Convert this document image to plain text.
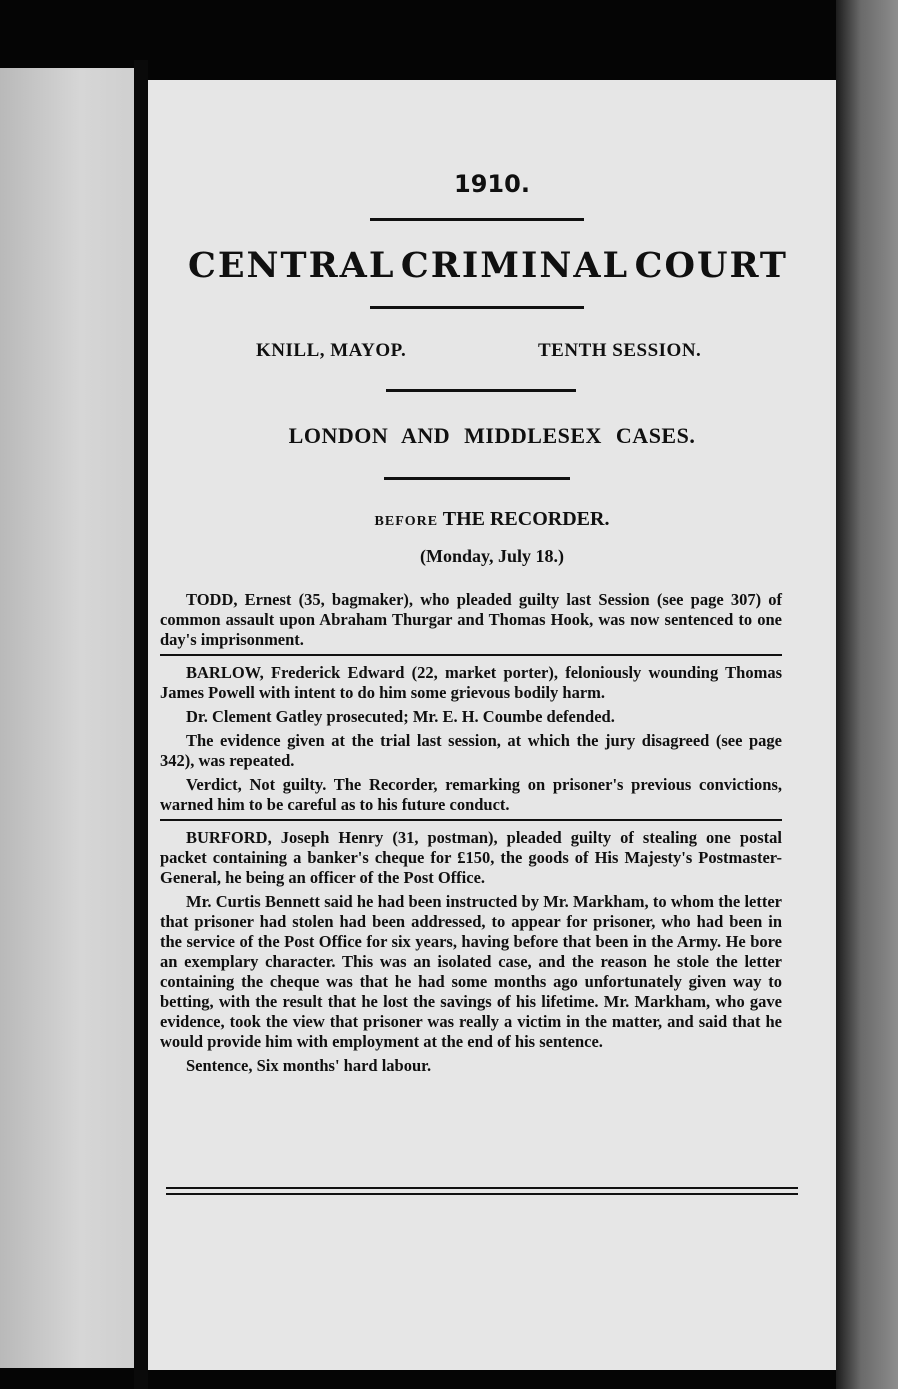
1910.
CENTRAL CRIMINAL COURT
KNILL, MAYOP.	TENTH SESSION.
LONDON AND MIDDLESEX CASES.
BEFORE THE RECORDER.
(Monday, July 18.)

TODD, Ernest (35, bagmaker), who pleaded guilty last Session (see page 307) of common assault upon Abraham Thurgar and Thomas Hook, was now sentenced to one day's imprisonment.

BARLOW, Frederick Edward (22, market porter), feloniously wounding Thomas James Powell with intent to do him some grievous bodily harm.

Dr. Clement Gatley prosecuted; Mr. E. H. Coumbe defended.

The evidence given at the trial last session, at which the jury disagreed (see page 342), was repeated.

Verdict, Not guilty. The Recorder, remarking on prisoner's previous convictions, warned him to be careful as to his future conduct.

BURFORD, Joseph Henry (31, postman), pleaded guilty of stealing one postal packet containing a banker's cheque for £150, the goods of His Majesty's Postmaster-General, he being an officer of the Post Office.

Mr. Curtis Bennett said he had been instructed by Mr. Markham, to whom the letter that prisoner had stolen had been addressed, to appear for prisoner, who had been in the service of the Post Office for six years, having before that been in the Army. He bore an exemplary character. This was an isolated case, and the reason he stole the letter containing the cheque was that he had some months ago unfortunately given way to betting, with the result that he lost the savings of his lifetime. Mr. Markham, who gave evidence, took the view that prisoner was really a victim in the matter, and said that he would provide him with employment at the end of his sentence.

Sentence, Six months' hard labour.
